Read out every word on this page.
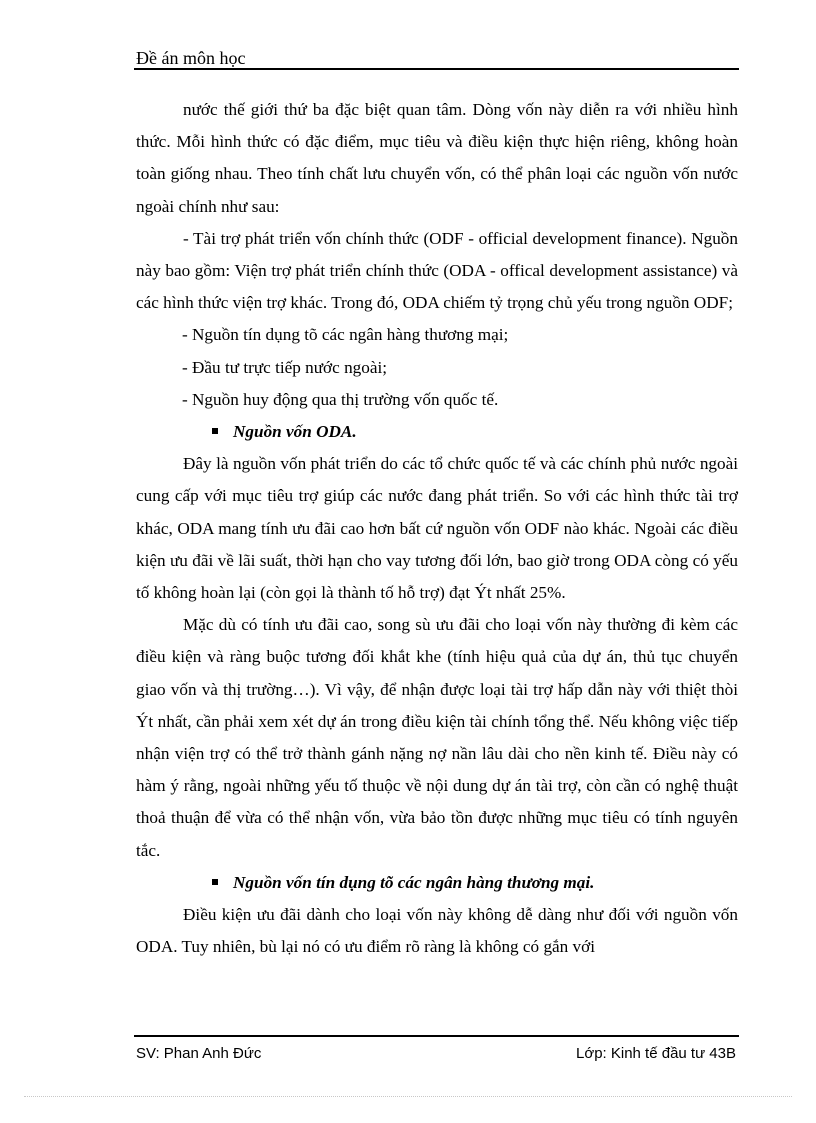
Đề án môn học

nước thế giới thứ ba đặc biệt quan tâm. Dòng vốn này diễn ra với nhiều hình thức. Mỗi hình thức có đặc điểm, mục tiêu và điều kiện thực hiện riêng, không hoàn toàn giống nhau. Theo tính chất lưu chuyển vốn, có thể phân loại các nguồn vốn nước ngoài chính như sau:

- Tài trợ phát triển vốn chính thức (ODF - official development finance). Nguồn này bao gồm: Viện trợ phát triển chính thức (ODA - offical development assistance) và các hình thức viện trợ khác. Trong đó, ODA chiếm tỷ trọng chủ yếu trong nguồn ODF;

- Nguồn tín dụng tõ các ngân hàng thương mại;

- Đầu tư trực tiếp nước ngoài;

- Nguồn huy động qua thị trường vốn quốc tế.

Nguồn vốn ODA.

Đây là nguồn vốn phát triển do các tổ chức quốc tế và các chính phủ nước ngoài cung cấp với mục tiêu trợ giúp các nước đang phát triển. So với các hình thức tài trợ khác, ODA mang tính ưu đãi cao hơn bất cứ nguồn vốn ODF nào khác. Ngoài các điều kiện ưu đãi về lãi suất, thời hạn cho vay tương đối lớn, bao giờ trong ODA còng có yếu tố không hoàn lại (còn gọi là thành tố hỗ trợ) đạt Ýt nhất 25%.

Mặc dù có tính ưu đãi cao, song sù ưu đãi cho loại vốn này thường đi kèm các điều kiện và ràng buộc tương đối khắt khe (tính hiệu quả của dự án, thủ tục chuyển giao vốn và thị trường…). Vì vậy, để nhận được loại tài trợ hấp dẫn này với thiệt thòi Ýt nhất, cần phải xem xét dự án trong điều kiện tài chính tổng thể. Nếu không việc tiếp nhận viện trợ có thể trở thành gánh nặng nợ nần lâu dài cho nền kinh tế. Điều này có hàm ý rằng, ngoài những yếu tố thuộc về nội dung dự án tài trợ, còn cần có nghệ thuật thoả thuận để vừa có thể nhận vốn, vừa bảo tồn được những mục tiêu có tính nguyên tắc.

Nguồn vốn tín dụng tõ các ngân hàng thương mại.

Điều kiện ưu đãi dành cho loại vốn này không dễ dàng như đối với nguồn vốn ODA. Tuy nhiên, bù lại nó có ưu điểm rõ ràng là không có gắn với

SV: Phan Anh Đức	Lớp: Kinh tế đầu tư 43B
